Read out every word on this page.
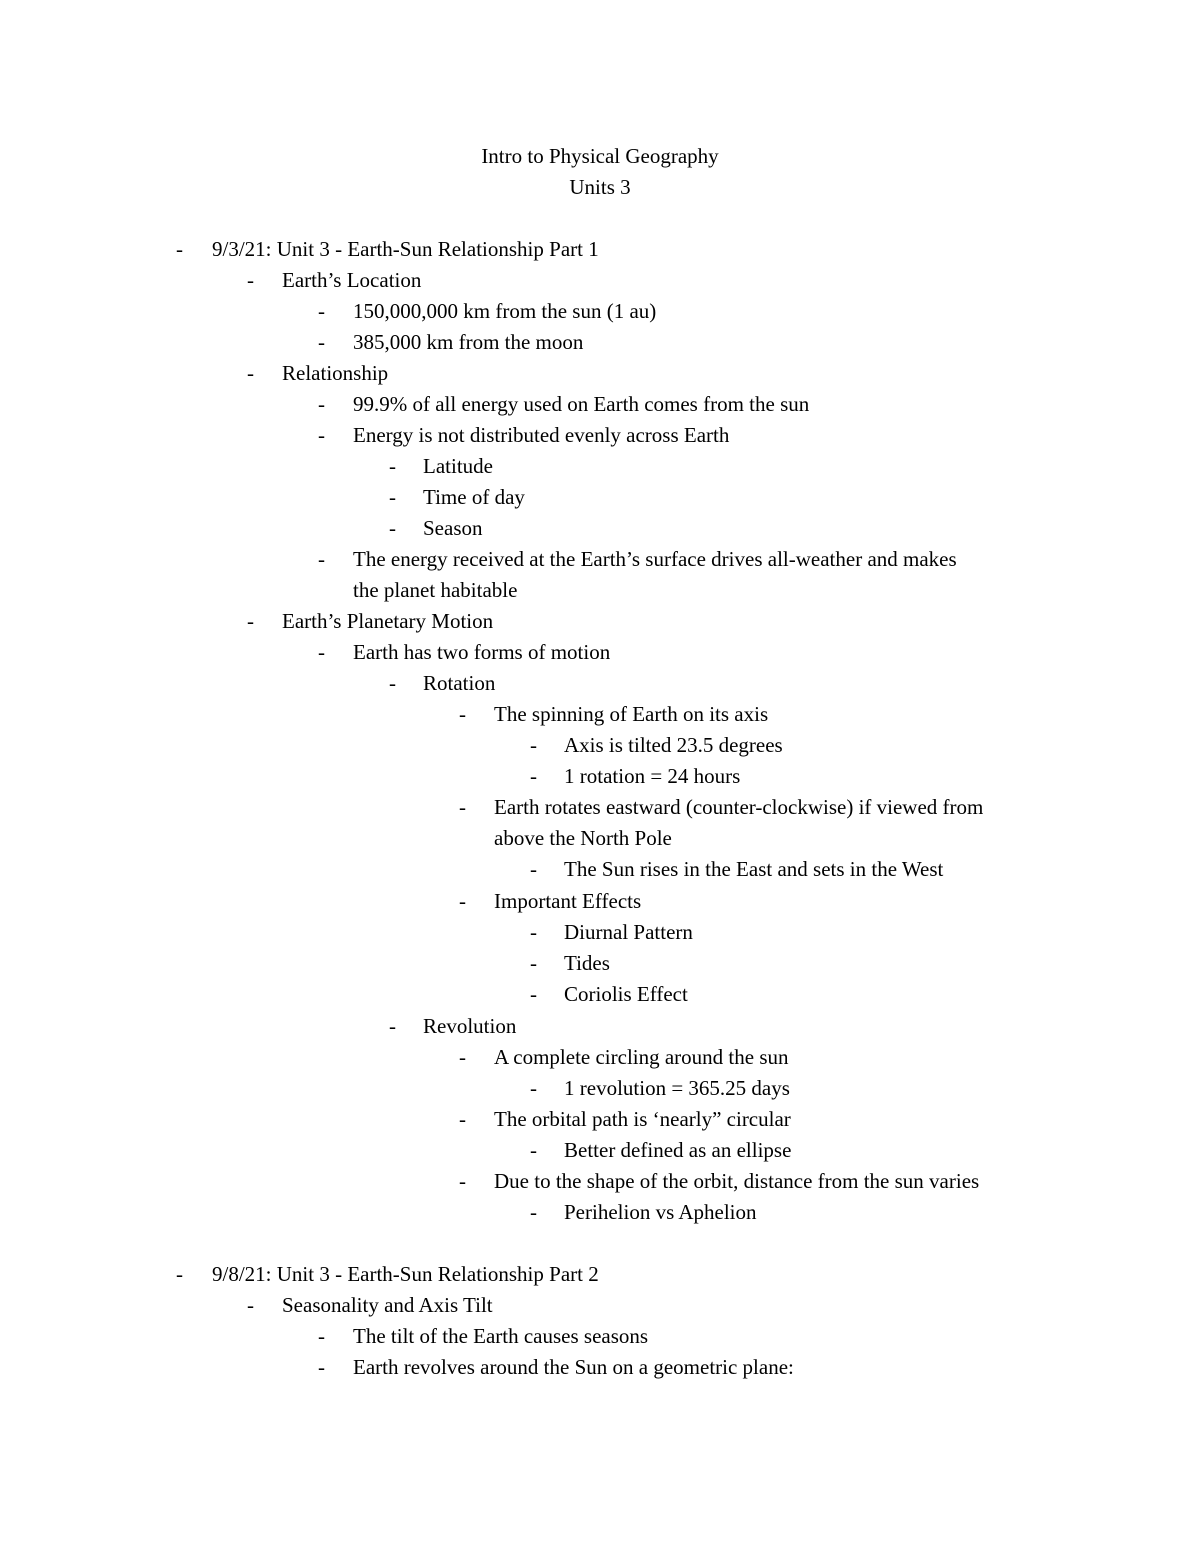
Intro to Physical Geography
Units 3
- 9/3/21: Unit 3 - Earth-Sun Relationship Part 1
- Earth’s Location
- 150,000,000 km from the sun (1 au)
- 385,000 km from the moon
- Relationship
- 99.9% of all energy used on Earth comes from the sun
- Energy is not distributed evenly across Earth
- Latitude
- Time of day
- Season
- The energy received at the Earth’s surface drives all-weather and makes
the planet habitable
- Earth’s Planetary Motion
- Earth has two forms of motion
- Rotation
- The spinning of Earth on its axis
- Axis is tilted 23.5 degrees
- 1 rotation = 24 hours
- Earth rotates eastward (counter-clockwise) if viewed from
above the North Pole
- The Sun rises in the East and sets in the West
- Important Effects
- Diurnal Pattern
- Tides
- Coriolis Effect
- Revolution
- A complete circling around the sun
- 1 revolution = 365.25 days
- The orbital path is ‘nearly” circular
- Better defined as an ellipse
- Due to the shape of the orbit, distance from the sun varies
- Perihelion vs Aphelion
- 9/8/21: Unit 3 - Earth-Sun Relationship Part 2
- Seasonality and Axis Tilt
- The tilt of the Earth causes seasons
- Earth revolves around the Sun on a geometric plane:
